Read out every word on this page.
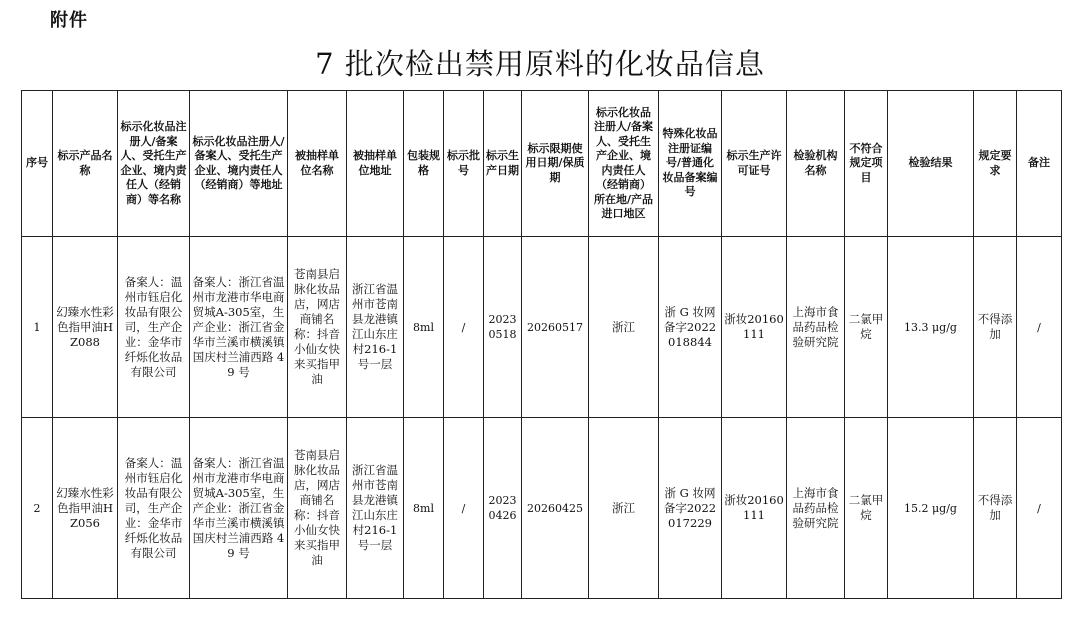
附件
7 批次检出禁用原料的化妆品信息
序号	标示产品名称	标示化妆品注册人/备案人、受托生产企业、境内责任人（经销商）等名称	标示化妆品注册人/备案人、受托生产企业、境内责任人（经销商）等地址	被抽样单位名称	被抽样单位地址	包装规格	标示批号	标示生产日期	标示限期使用日期/保质期	标示化妆品注册人/备案人、受托生产企业、境内责任人（经销商）所在地/产品进口地区	特殊化妆品注册证编号/普通化妆品备案编号	标示生产许可证号	检验机构名称	不符合规定项目	检验结果	规定要求	备注
1	幻臻水性彩色指甲油HZ088	备案人：温州市钰启化妆品有限公司，生产企业：金华市纤烁化妆品有限公司	备案人：浙江省温州市龙港市华电商贸城A-305室，生产企业：浙江省金华市兰溪市横溪镇国庆村兰浦西路 49 号	苍南县启脉化妆品店，网店商铺名称：抖音小仙女快来买指甲油	浙江省温州市苍南县龙港镇江山东庄村216-1号一层	8ml	/	20230518	20260517	浙江	浙 G 妆网备字2022018844	浙妆20160111	上海市食品药品检验研究院	二氯甲烷	13.3 μg/g	不得添加	/
2	幻臻水性彩色指甲油HZ056	备案人：温州市钰启化妆品有限公司，生产企业：金华市纤烁化妆品有限公司	备案人：浙江省温州市龙港市华电商贸城A-305室，生产企业：浙江省金华市兰溪市横溪镇国庆村兰浦西路 49 号	苍南县启脉化妆品店，网店商铺名称：抖音小仙女快来买指甲油	浙江省温州市苍南县龙港镇江山东庄村216-1号一层	8ml	/	20230426	20260425	浙江	浙 G 妆网备字2022017229	浙妆20160111	上海市食品药品检验研究院	二氯甲烷	15.2 μg/g	不得添加	/
